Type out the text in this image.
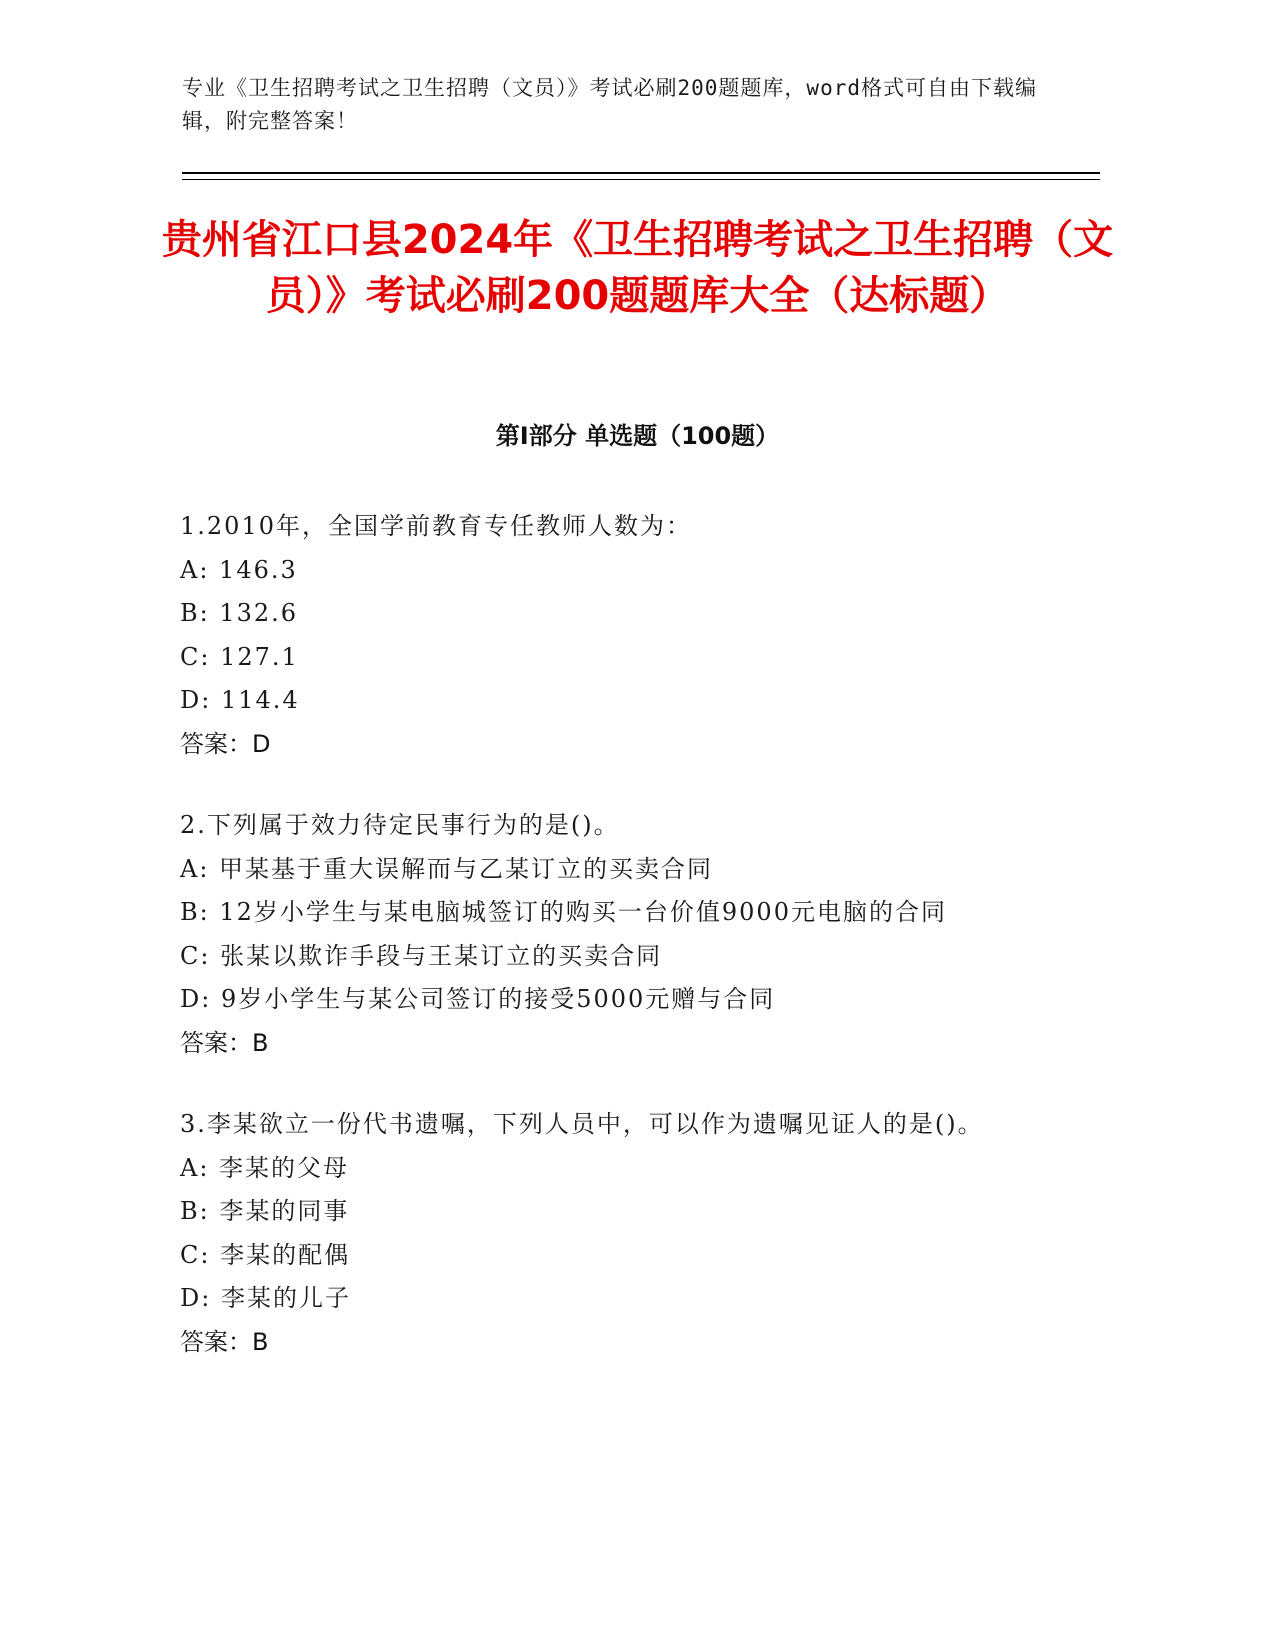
专业《卫生招聘考试之卫生招聘（文员）》考试必刷200题题库，word格式可自由下载编辑，附完整答案！
贵州省江口县2024年《卫生招聘考试之卫生招聘（文员）》考试必刷200题题库大全（达标题）
第Ⅰ部分 单选题（100题）
1.2010年，全国学前教育专任教师人数为：
A: 146.3
B: 132.6
C: 127.1
D: 114.4
答案：D
2.下列属于效力待定民事行为的是()。
A: 甲某基于重大误解而与乙某订立的买卖合同
B: 12岁小学生与某电脑城签订的购买一台价值9000元电脑的合同
C: 张某以欺诈手段与王某订立的买卖合同
D: 9岁小学生与某公司签订的接受5000元赠与合同
答案：B
3.李某欲立一份代书遗嘱，下列人员中，可以作为遗嘱见证人的是()。
A: 李某的父母
B: 李某的同事
C: 李某的配偶
D: 李某的儿子
答案：B
